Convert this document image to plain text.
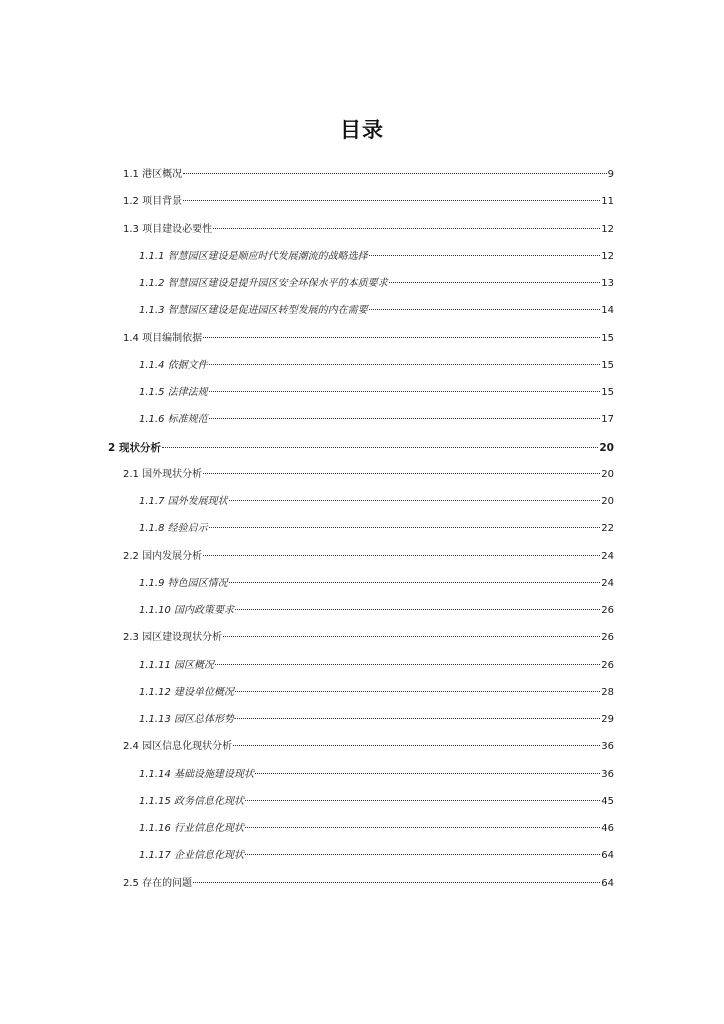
目录
1.1 港区概况	9
1.2 项目背景	11
1.3 项目建设必要性	12
1.1.1 智慧园区建设是顺应时代发展潮流的战略选择	12
1.1.2 智慧园区建设是提升园区安全环保水平的本质要求	13
1.1.3 智慧园区建设是促进园区转型发展的内在需要	14
1.4 项目编制依据	15
1.1.4 依据文件	15
1.1.5 法律法规	15
1.1.6 标准规范	17
2 现状分析	20
2.1 国外现状分析	20
1.1.7 国外发展现状	20
1.1.8 经验启示	22
2.2 国内发展分析	24
1.1.9 特色园区情况	24
1.1.10 国内政策要求	26
2.3 园区建设现状分析	26
1.1.11 园区概况	26
1.1.12 建设单位概况	28
1.1.13 园区总体形势	29
2.4 园区信息化现状分析	36
1.1.14 基础设施建设现状	36
1.1.15 政务信息化现状	45
1.1.16 行业信息化现状	46
1.1.17 企业信息化现状	64
2.5 存在的问题	64
